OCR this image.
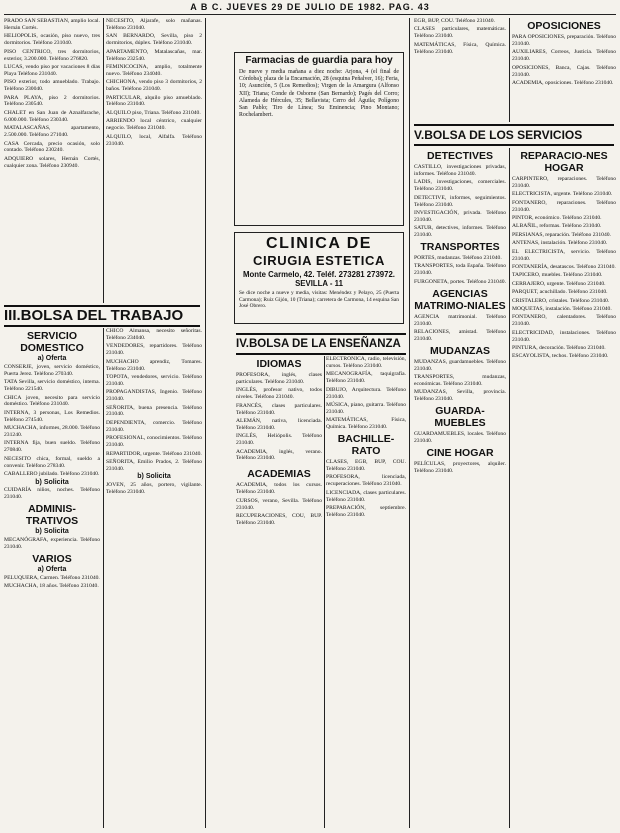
A B C. JUEVES 29 DE JULIO DE 1982. PAG. 43

PRADO SAN SEBASTIAN, amplio local. Hernán Cortés.

HELIOPOLIS, ocasión, piso nuevo, tres dormitorios. Teléfono 231040.

PISO CENTRICO, tres dormitorios, exterior, 3.200.000. Teléfono 276820.

LUCAS, vendo piso por vacaciones 8 días Playa Teléfono 231040.

PISO exterior, todo amueblado. Trabajo. Teléfono 230040.

PARA PLAYA, piso 2 dormitorios. Teléfono 230540.

CHALET en San Juan de Aznalfarache, 6.000.000. Teléfono 230340.

MATALASCAÑAS, apartamento, 2.500.000. Teléfono 271040.

CASA Cercada, precio ocasión, solo contado. Teléfono 230240.

ADQUIERO solares, Hernán Cortés, cualquier zona. Teléfono 230940.

III.BOLSA DEL TRABAJO
SERVICIO DOMESTICO
a) Oferta

CONSERJE, joven, servicio doméstico, Puerta Jerez. Teléfono 270340.

TATA Sevilla, servicio doméstico, interna. Teléfono 221540.

CHICA joven, necesito para servicio doméstico. Teléfono 231040.

INTERNA, 3 personas, Los Remedios. Teléfono 274540.

MUCHACHA, informes, 28.000. Teléfono 231240.

INTERNA fija, buen sueldo. Teléfono 270840.

NECESITO chica, formal, sueldo a convenir. Teléfono 278340.

CABALLERO jubilado. Teléfono 231040.

b) Solicita

CUIDARÍA niños, noches. Teléfono 231040.

ADMINIS-TRATIVOS
b) Solicita

MECANÓGRAFA, experiencia. Teléfono 231040.

VARIOS
a) Oferta

PELUQUERA, Carmen. Teléfono 231040.

MUCHACHA, 18 años. Teléfono 231040.

NECESITO, Aljarafe, solo mañanas. Teléfono 231040.

SAN BERNARDO, Sevilla, piso 2 dormitorios, dúplex. Teléfono 231040.

APARTAMENTO, Matalascañas, mar. Teléfono 232540.

FEMINICOCINA, amplio, totalmente nuevo. Teléfono 234040.

CHICHONA, vendo piso 3 dormitorios, 2 baños. Teléfono 231040.

PARTICULAR, alquilo piso amueblado. Teléfono 231040.

ALQUILO piso, Triana. Teléfono 231040.

ARRIENDO local céntrico, cualquier negocio. Teléfono 231040.

ALQUILO, local, Alfalfa. Teléfono 231040.

CHICO Almansa, necesito señoritas. Teléfono 234040.

VENDEDORES, repartidores. Teléfono 231040.

MUCHACHO aprendiz, Tomares. Teléfono 231040.

TOPOTA, vendedores, servicio. Teléfono 231040.

PROPAGANDISTAS, Ingenio. Teléfono 231040.

SEÑORITA, buena presencia. Teléfono 231040.

DEPENDIENTA, comercio. Teléfono 231040.

PROFESIONAL, conocimientos. Teléfono 231040.

REPARTIDOR, urgente. Teléfono 231040.

SEÑORITA, Emilio Prados, 2. Teléfono 231040.

b) Solicita

JOVEN, 25 años, portero, vigilante. Teléfono 231040.

Farmacias de guardia para hoy

De nueve y media mañana a diez noche: Arjona, 4 (el final de Córdoba); plaza de la Encarnación, 28 (esquina Peñalver, 16); Feria, 10; Asunción, 5 (Los Remedios); Virgen de la Amargura (Alfonso XII); Triana; Conde de Osborne (San Bernardo); Pagés del Corro; Alameda de Hércules, 35; Bellavista; Cerro del Águila; Polígono San Pablo; Tiro de Línea; Su Eminencia; Pino Montano; Rochelambert.

CLINICA DE
CIRUGIA ESTETICA
Monte Carmelo, 42. Teléf. 273281 273972. SEVILLA - 11

Se dice noche a nueve y media, visitas: Menéndez y Pelayo, 25 (Puerta Carmona); Ruiz Gijón, 10 (Triana); carretera de Carmona, 14 esquina San José Obrero.

IV.BOLSA DE LA ENSEÑANZA
IDIOMAS

PROFESORA, inglés, clases particulares. Teléfono 231040.

INGLÉS, profesor nativo, todos niveles. Teléfono 231040.

FRANCÉS, clases particulares. Teléfono 231040.

ALEMÁN, nativa, licenciada. Teléfono 231040.

INGLÉS, Heliópolis. Teléfono 231040.

ACADEMIA, inglés, verano. Teléfono 231040.

ACADEMIAS

ACADEMIA, todos los cursos. Teléfono 231040.

CURSOS, verano, Sevilla. Teléfono 231040.

RECUPERACIONES, COU, BUP. Teléfono 231040.

ELECTRÓNICA, radio, televisión, cursos. Teléfono 231040.

MECANOGRAFÍA, taquigrafía. Teléfono 231040.

DIBUJO, Arquitectura. Teléfono 231040.

MÚSICA, piano, guitarra. Teléfono 231040.

MATEMÁTICAS, Física, Química. Teléfono 231040.

BACHILLE-RATO

CLASES, EGB, BUP, COU. Teléfono 231040.

PROFESORA, licenciada, recuperaciones. Teléfono 231040.

LICENCIADA, clases particulares. Teléfono 231040.

PREPARACIÓN, septiembre. Teléfono 231040.

EGB, BUP, COU. Teléfono 231040.

CLASES particulares, matemáticas. Teléfono 231040.

MATEMÁTICAS, Física, Química. Teléfono 231040.

V.BOLSA DE LOS SERVICIOS
DETECTIVES

CASTILLO, investigaciones privadas, informes. Teléfono 231040.

LADIS, investigaciones, comerciales. Teléfono 231040.

DETECTIVE, informes, seguimientos. Teléfono 231040.

INVESTIGACIÓN, privada. Teléfono 231040.

SATUR, detectives, informes. Teléfono 231040.

TRANSPORTES

PORTES, mudanzas. Teléfono 231040.

TRANSPORTES, toda España. Teléfono 231040.

FURGONETA, portes. Teléfono 231040.

AGENCIAS MATRIMO-NIALES

AGENCIA matrimonial. Teléfono 231040.

RELACIONES, amistad. Teléfono 231040.

MUDANZAS

MUDANZAS, guardamuebles. Teléfono 231040.

TRANSPORTES, mudanzas, económicas. Teléfono 231040.

MUDANZAS, Sevilla, provincia. Teléfono 231040.

GUARDA-MUEBLES

GUARDAMUEBLES, locales. Teléfono 231040.

CINE HOGAR

PELÍCULAS, proyectores, alquiler. Teléfono 231040.

OPOSICIONES

PARA OPOSICIONES, preparación. Teléfono 231040.

AUXILIARES, Correos, Justicia. Teléfono 231040.

OPOSICIONES, Banca, Cajas. Teléfono 231040.

ACADEMIA, oposiciones. Teléfono 231040.

REPARACIO-NES HOGAR

CARPINTERO, reparaciones. Teléfono 231040.

ELECTRICISTA, urgente. Teléfono 231040.

FONTANERO, reparaciones. Teléfono 231040.

PINTOR, económico. Teléfono 231040.

ALBAÑIL, reformas. Teléfono 231040.

PERSIANAS, reparación. Teléfono 231040.

ANTENAS, instalación. Teléfono 231040.

EL ELECTRICISTA, servicio. Teléfono 231040.

FONTANERÍA, desatascos. Teléfono 231040.

TAPICERO, muebles. Teléfono 231040.

CERRAJERO, urgente. Teléfono 231040.

PARQUET, acuchillado. Teléfono 231040.

CRISTALERO, cristales. Teléfono 231040.

MOQUETAS, instalación. Teléfono 231040.

FONTANERO, calentadores. Teléfono 231040.

ELECTRICIDAD, instalaciones. Teléfono 231040.

PINTURA, decoración. Teléfono 231040.

ESCAYOLISTA, techos. Teléfono 231040.
